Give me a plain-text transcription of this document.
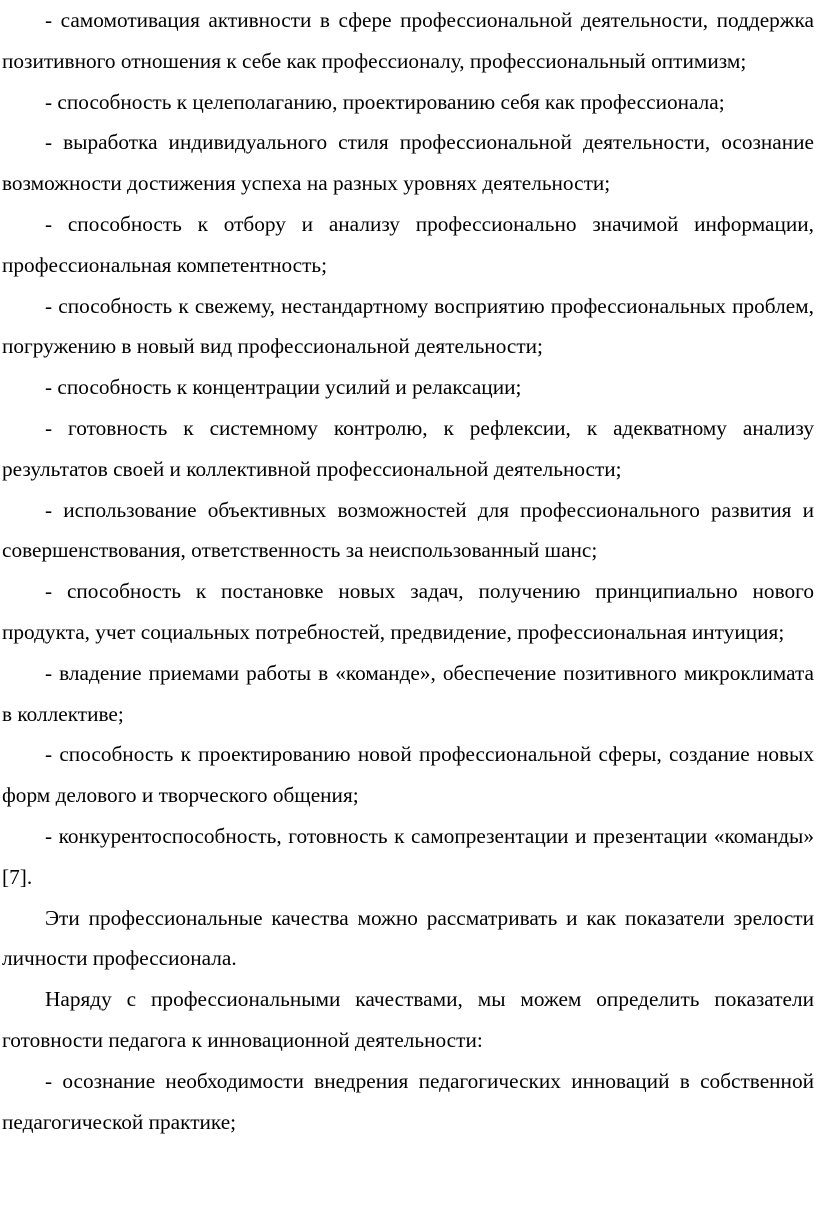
- самомотивация активности в сфере профессиональной деятельности, поддержка позитивного отношения к себе как профессионалу, профессиональный оптимизм;

- способность к целеполаганию, проектированию себя как профессионала;

- выработка индивидуального стиля профессиональной деятельности, осознание возможности достижения успеха на разных уровнях деятельности;

- способность к отбору и анализу профессионально значимой информации, профессиональная компетентность;

- способность к свежему, нестандартному восприятию профессиональных проблем, погружению в новый вид профессиональной деятельности;

- способность к концентрации усилий и релаксации;

- готовность к системному контролю, к рефлексии, к адекватному анализу результатов своей и коллективной профессиональной деятельности;

- использование объективных возможностей для профессионального развития и совершенствования, ответственность за неиспользованный шанс;

- способность к постановке новых задач, получению принципиально нового продукта, учет социальных потребностей, предвидение, профессиональная интуиция;

- владение приемами работы в «команде», обеспечение позитивного микроклимата в коллективе;

- способность к проектированию новой профессиональной сферы, создание новых форм делового и творческого общения;

- конкурентоспособность, готовность к самопрезентации и презентации «команды» [7].

Эти профессиональные качества можно рассматривать и как показатели зрелости личности профессионала.

Наряду с профессиональными качествами, мы можем определить показатели готовности педагога к инновационной деятельности:

- осознание необходимости внедрения педагогических инноваций в собственной педагогической практике;
